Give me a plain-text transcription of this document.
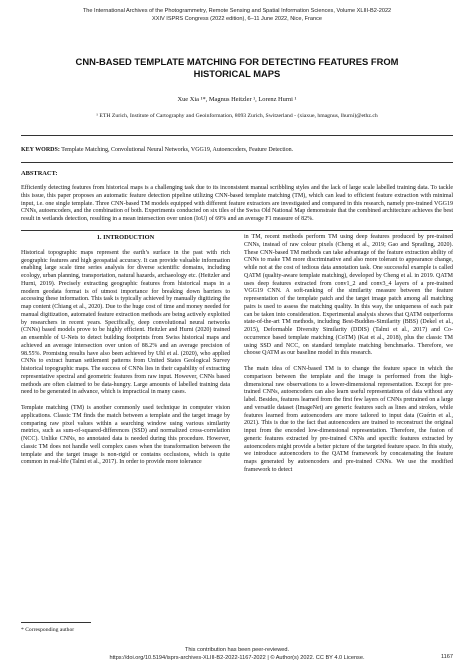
The International Archives of the Photogrammetry, Remote Sensing and Spatial Information Sciences, Volume XLIII-B2-2022
XXIV ISPRS Congress (2022 edition), 6–11 June 2022, Nice, France
CNN-BASED TEMPLATE MATCHING FOR DETECTING FEATURES FROM
HISTORICAL MAPS
Xue Xia ¹*, Magnus Heitzler ¹, Lorenz Hurni ¹
¹ ETH Zurich, Institute of Cartography and Geoinformation, 8093 Zurich, Switzerland - (xiaxue, hmagnus, lhurni)@ethz.ch
KEY WORDS: Template Matching, Convolutional Neural Networks, VGG19, Autoencoders, Feature Detection.
ABSTRACT:

Efficiently detecting features from historical maps is a challenging task due to its inconsistent manual scribbling styles and the lack of large scale labelled training data. To tackle this issue, this paper proposes an automatic feature detection pipeline utilizing CNN-based template matching (TM), which can lead to efficient feature extraction with minimal input, i.e. one single template. Three CNN-based TM models equipped with different feature extractors are investigated and compared in this research, namely pre-trained VGG19 CNNs, autoencoders, and the combination of both. Experiments conducted on six tiles of the Swiss Old National Map demonstrate that the combined architecture achieves the best result in wetlands detection, resulting in a mean intersection over union (IoU) of 69% and an average F1 measure of 82%.

1. INTRODUCTION

Historical topographic maps represent the earth’s surface in the past with rich geographic features and high geospatial accuracy. It can provide valuable information enabling large scale time series analysis for diverse scientific domains, including ecology, urban planning, transportation, natural hazards, archaeology etc. (Heitzler and Hurni, 2019). Precisely extracting geographic features from historical maps in a modern geodata format is of utmost importance for breaking down barriers to accessing these information. This task is typically achieved by manually digitizing the map content (Chiang et al., 2020). Due to the huge cost of time and money needed for manual digitization, automated feature extraction methods are being actively exploited by researchers in recent years. Specifically, deep convolutional neural networks (CNNs) based models prove to be highly efficient. Heitzler and Hurni (2020) trained an ensemble of U-Nets to detect building footprints from Swiss historical maps and achieved an average intersection over union of 88.2% and an average precision of 98.55%. Promising results have also been achieved by Uhl et al. (2020), who applied CNNs to extract human settlement patterns from United States Geological Survey historical topographic maps. The success of CNNs lies in their capability of extracting representative spectral and geometric features from raw input. However, CNNs based methods are often claimed to be data-hungry. Large amounts of labelled training data need to be generated in advance, which is impractical in many cases.

Template matching (TM) is another commonly used technique in computer vision applications. Classic TM finds the match between a template and the target image by comparing raw pixel values within a searching window using various similarity metrics, such as sum-of-squared-differences (SSD) and normalized cross-correlation (NCC). Unlike CNNs, no annotated data is needed during this procedure. However, classic TM does not handle well complex cases when the transformation between the template and the target image is non-rigid or contains occlusions, which is quite common in real-life (Talmi et al., 2017). In order to provide more tolerance

in TM, recent methods perform TM using deep features produced by pre-trained CNNs, instead of raw colour pixels (Cheng et al., 2019; Gao and Spratling, 2020). These CNN-based TM methods can take advantage of the feature extraction ability of CNNs to make TM more discriminative and also more tolerant to appearance change, while not at the cost of tedious data annotation task. One successful example is called QATM (quality-aware template matching), developed by Cheng et al. in 2019. QATM uses deep features extracted from conv1_2 and conv3_4 layers of a pre-trained VGG19 CNN. A soft-ranking of the similarity measure between the feature representation of the template patch and the target image patch among all matching pairs is used to assess the matching quality. In this way, the uniqueness of each pair can be taken into consideration. Experimental analysis shows that QATM outperforms state-of-the-art TM methods, including Best-Buddies-Similarity (BBS) (Dekel et al., 2015), Deformable Diversity Similarity (DDIS) (Talmi et al., 2017) and Co-occurrence based template matching (CoTM) (Kat et al., 2018), plus the classic TM using SSD and NCC, on standard template matching benchmarks. Therefore, we choose QATM as our baseline model in this research.

The main idea of CNN-based TM is to change the feature space in which the comparison between the template and the image is performed from the high-dimensional raw observations to a lower-dimensional representation. Except for pre-trained CNNs, autoencoders can also learn useful representations of data without any label. Besides, features learned from the first few layers of CNNs pretrained on a large and versatile dataset (ImageNet) are generic features such as lines and strokes, while features learned from autoencoders are more tailored to input data (Guérin et al., 2021). This is due to the fact that autoencoders are trained to reconstruct the original input from the encoded low-dimensional representation. Therefore, the fusion of generic features extracted by pre-trained CNNs and specific features extracted by autoencoders might provide a better picture of the targeted feature space. In this study, we introduce autoencoders to the QATM framework by concatenating the feature maps generated by autoencoders and pre-trained CNNs. We use the modified framework to detect

* Corresponding author
This contribution has been peer-reviewed.
https://doi.org/10.5194/isprs-archives-XLIII-B2-2022-1167-2022 | © Author(s) 2022. CC BY 4.0 License.	1167
